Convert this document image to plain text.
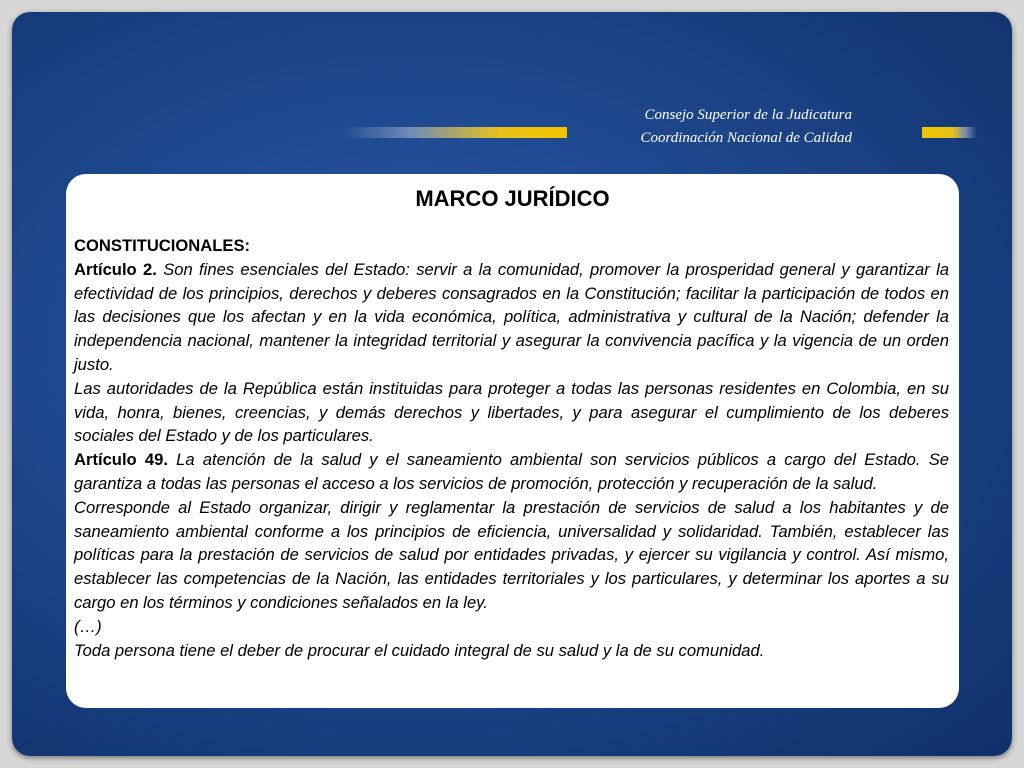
Consejo Superior de la Judicatura
Coordinación Nacional de Calidad
MARCO JURÍDICO

CONSTITUCIONALES:

Artículo 2. Son fines esenciales del Estado: servir a la comunidad, promover la prosperidad general y garantizar la efectividad de los principios, derechos y deberes consagrados en la Constitución; facilitar la participación de todos en las decisiones que los afectan y en la vida económica, política, administrativa y cultural de la Nación; defender la independencia nacional, mantener la integridad territorial y asegurar la convivencia pacífica y la vigencia de un orden justo.

Las autoridades de la República están instituidas para proteger a todas las personas residentes en Colombia, en su vida, honra, bienes, creencias, y demás derechos y libertades, y para asegurar el cumplimiento de los deberes sociales del Estado y de los particulares.

Artículo 49. La atención de la salud y el saneamiento ambiental son servicios públicos a cargo del Estado. Se garantiza a todas las personas el acceso a los servicios de promoción, protección y recuperación de la salud.

Corresponde al Estado organizar, dirigir y reglamentar la prestación de servicios de salud a los habitantes y de saneamiento ambiental conforme a los principios de eficiencia, universalidad y solidaridad. También, establecer las políticas para la prestación de servicios de salud por entidades privadas, y ejercer su vigilancia y control. Así mismo, establecer las competencias de la Nación, las entidades territoriales y los particulares, y determinar los aportes a su cargo en los términos y condiciones señalados en la ley.

(…)

Toda persona tiene el deber de procurar el cuidado integral de su salud y la de su comunidad.
